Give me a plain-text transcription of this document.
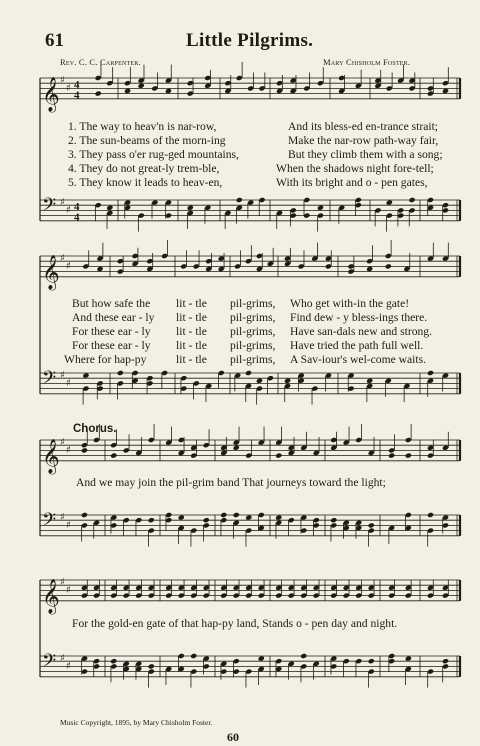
𝄞 ♯
♯ 4
4
𝄢 ♯
♯ 4
4
𝄞 ♯
♯
𝄢 ♯
♯
𝄞 ♯
♯
𝄢 ♯
♯
𝄞 ♯
♯
𝄢 ♯
♯
61	Little Pilgrims.
Rev. C. C. Carpenter.	Mary Chisholm Foster.
1. The way to heav'n is nar-row,	And its bless-ed en-trance strait;
2. The sun-beams of the morn-ing	Make the nar-row path-way fair,
3. They pass o'er rug-ged mountains,	But they climb them with a song;
4. They do not great-ly trem-ble,	When the shadows night fore-tell;
5. They know it leads to heav-en,	With its bright and o - pen gates,
But how safe the lit - tle pil-grims, Who get with-in the gate!
And these ear - ly lit - tle pil-grims, Find dew - y bless-ings there.
For these ear - ly lit - tle pil-grims, Have san-dals new and strong.
For these ear - ly lit - tle pil-grims, Have tried the path full well.
Where for hap-py	lit - tle pil-grims, A Sav-iour's wel-come waits.
Chorus.
And we may join the pil-grim band That journeys toward the light;
For the gold-en gate of that hap-py land, Stands o - pen day and night.
Music Copyright, 1895, by Mary Chisholm Foster.
60
